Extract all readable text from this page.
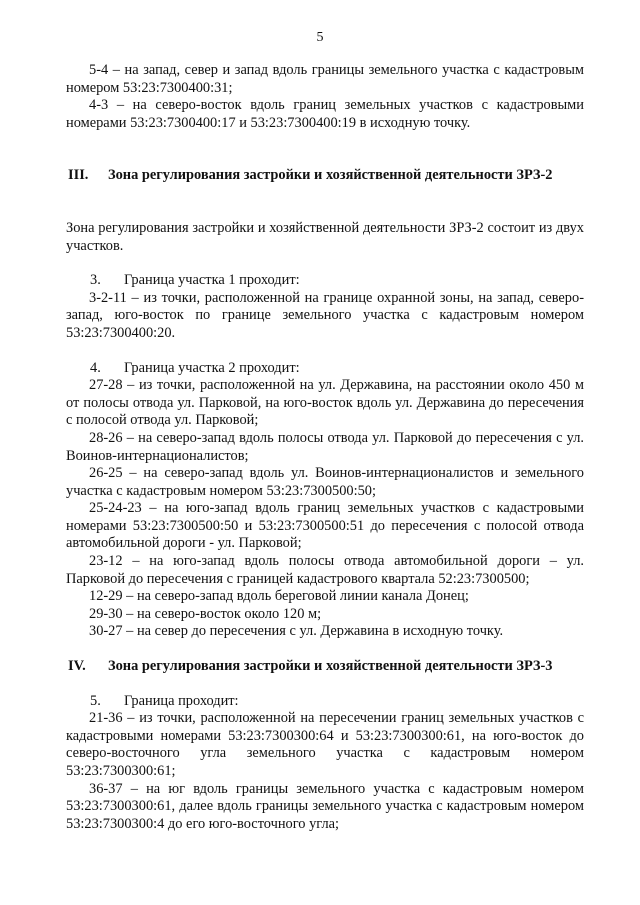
5

5-4 – на запад, север и запад вдоль границы земельного участка с кадастровым номером 53:23:7300400:31;

4-3 – на северо-восток вдоль границ земельных участков с кадастровыми номерами 53:23:7300400:17 и 53:23:7300400:19 в исходную точку.

III.	Зона регулирования застройки и хозяйственной деятельности ЗРЗ-2

Зона регулирования застройки и хозяйственной деятельности ЗРЗ-2 состоит из двух участков.

3.	Граница участка 1 проходит:

3-2-11 – из точки, расположенной на границе охранной зоны, на запад, северо-запад, юго-восток по границе земельного участка с кадастровым номером 53:23:7300400:20.

4.	Граница участка 2 проходит:

27-28 – из точки, расположенной на ул. Державина, на расстоянии около 450 м от полосы отвода ул. Парковой, на юго-восток вдоль ул. Державина до пересечения с полосой отвода ул. Парковой;

28-26 – на северо-запад вдоль полосы отвода ул. Парковой до пересечения с ул. Воинов-интернационалистов;

26-25 – на северо-запад вдоль ул. Воинов-интернационалистов и земельного участка с кадастровым номером 53:23:7300500:50;

25-24-23 – на юго-запад вдоль границ земельных участков с кадастровыми номерами 53:23:7300500:50 и 53:23:7300500:51 до пересечения с полосой отвода автомобильной дороги - ул. Парковой;

23-12 – на юго-запад вдоль полосы отвода автомобильной дороги – ул. Парковой до пересечения с границей кадастрового квартала 52:23:7300500;

12-29 – на северо-запад вдоль береговой линии канала Донец;

29-30 – на северо-восток около 120 м;

30-27 – на север до пересечения с ул. Державина в исходную точку.

IV.	Зона регулирования застройки и хозяйственной деятельности ЗРЗ-3
5.	Граница проходит:

21-36 – из точки, расположенной на пересечении границ земельных участков с кадастровыми номерами 53:23:7300300:64 и 53:23:7300300:61, на юго-восток до северо-восточного угла земельного участка с кадастровым номером 53:23:7300300:61;

36-37 – на юг вдоль границы земельного участка с кадастровым номером 53:23:7300300:61, далее вдоль границы земельного участка с кадастровым номером 53:23:7300300:4 до его юго-восточного угла;
